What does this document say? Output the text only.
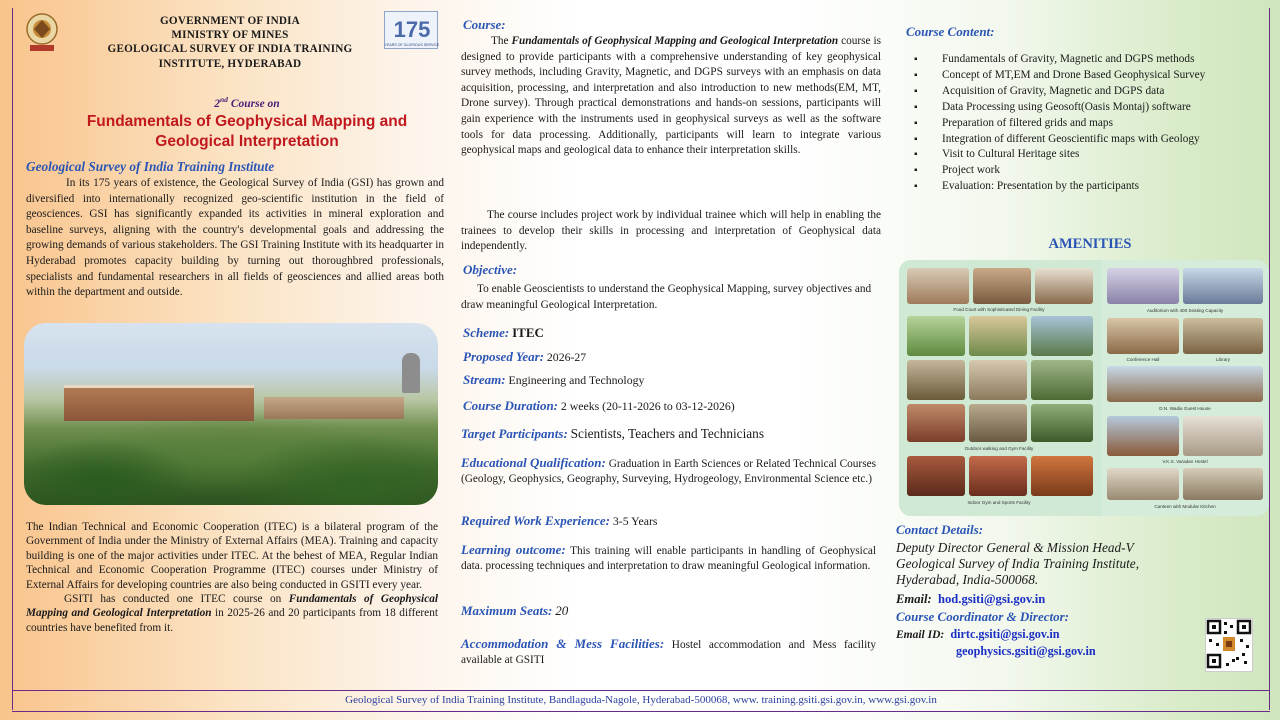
175
YEARS OF GLORIOUS SERVICE
GOVERNMENT OF INDIA
MINISTRY OF MINES
GEOLOGICAL SURVEY OF INDIA TRAINING
INSTITUTE, HYDERABAD
2nd Course on
Fundamentals of Geophysical Mapping and
Geological Interpretation
Geological Survey of India Training Institute
In its 175 years of existence, the Geological Survey of India (GSI) has grown and diversified into internationally recognized geo-scientific institution in the field of geosciences. GSI has significantly expanded its activities in mineral exploration and baseline surveys, aligning with the country's developmental goals and addressing the growing demands of various stakeholders. The GSI Training Institute with its headquarter in Hyderabad promotes capacity building by turning out thoroughbred professionals, specialists and fundamental researchers in all fields of geosciences and allied areas both within the department and outside.
The Indian Technical and Economic Cooperation (ITEC) is a bilateral program of the Government of India under the Ministry of External Affairs (MEA). Training and capacity building is one of the major activities under ITEC. At the behest of MEA, Regular Indian Technical and Economic Cooperation Programme (ITEC) courses under Ministry of External Affairs for developing countries are also being conducted in GSITI every year.
GSITI has conducted one ITEC course on Fundamentals of Geophysical Mapping and Geological Interpretation in 2025-26 and 20 participants from 18 different countries have benefited from it.
Course:
The Fundamentals of Geophysical Mapping and Geological Interpretation course is designed to provide participants with a comprehensive understanding of key geophysical survey methods, including Gravity, Magnetic, and DGPS surveys with an emphasis on data acquisition, processing, and interpretation and also introduction to new methods(EM, MT, Drone survey). Through practical demonstrations and hands-on sessions, participants will gain experience with the instruments used in geophysical surveys as well as the software tools for data processing. Additionally, participants will learn to integrate various geophysical maps and geological data to enhance their interpretation skills.
The course includes project work by individual trainee which will help in enabling the trainees to develop their skills in processing and interpretation of Geophysical data independently.
Objective:
To enable Geoscientists to understand the Geophysical Mapping, survey objectives and draw meaningful Geological Interpretation.
Scheme: ITEC
Proposed Year: 2026-27
Stream: Engineering and Technology
Course Duration: 2 weeks (20-11-2026 to 03-12-2026)
Target Participants: Scientists, Teachers and Technicians
Educational Qualification: Graduation in Earth Sciences or Related Technical Courses (Geology, Geophysics, Geography, Surveying, Hydrogeology, Environmental Science etc.)
Required Work Experience: 3-5 Years
Learning outcome: This training will enable participants in handling of Geophysical data. processing techniques and interpretation to draw meaningful Geological information.
Maximum Seats: 20
Accommodation & Mess Facilities: Hostel accommodation and Mess facility available at GSITI
Course Content:
▪ Fundamentals of Gravity, Magnetic and DGPS methods
▪ Concept of MT,EM and Drone Based Geophysical Survey
▪ Acquisition of Gravity, Magnetic and DGPS data
▪ Data Processing using Geosoft(Oasis Montaj) software
▪ Preparation of filtered grids and maps
▪ Integration of different Geoscientific maps with Geology
▪ Visit to Cultural Heritage sites
▪ Project work
▪ Evaluation: Presentation by the participants
AMENITIES
Food Court with Sophisticated Dining Facility
Outdoor walking and Gym Facility
Indoor Gym and Sports Facility
Auditorium with 400 Seating Capacity
Conference Hall	Library
D.N. Wadia Guest House
V.K.S. Varadan Hostel
Canteen with Modular Kitchen
Contact Details:
Deputy Director General & Mission Head-V
Geological Survey of India Training Institute,
Hyderabad, India-500068.
Email: hod.gsiti@gsi.gov.in
Course Coordinator & Director:
Email ID: dirtc.gsiti@gsi.gov.in
geophysics.gsiti@gsi.gov.in
Geological Survey of India Training Institute, Bandlaguda-Nagole, Hyderabad-500068, www. training.gsiti.gsi.gov.in, www.gsi.gov.in
